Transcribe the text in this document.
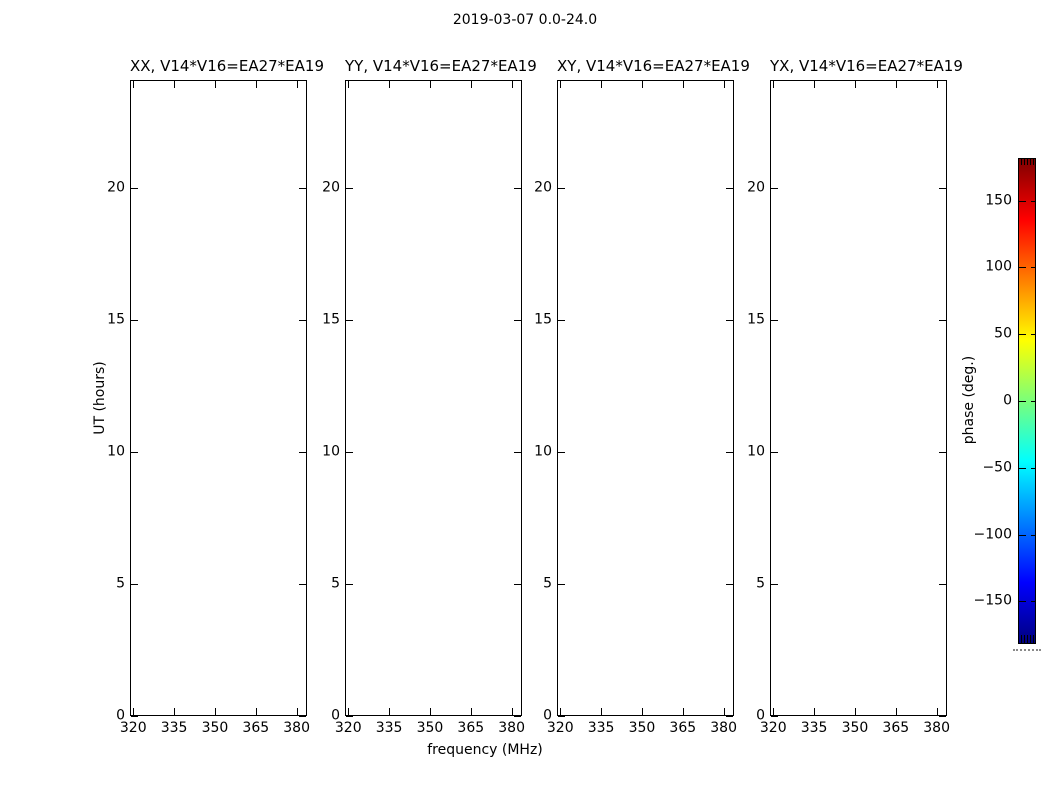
2019-03-07 0.0-24.0
XX, V14*V16=EA27*EA19
320 335 350 365 380
0
5
10
15
20
YY, V14*V16=EA27*EA19
320 335 350 365 380
0
5
10
15
20
XY, V14*V16=EA27*EA19
320 335 350 365 380
0
5
10
15
20
YX, V14*V16=EA27*EA19
320 335 350 365 380
0
5
10
15
20
frequency (MHz)
UT (hours)	phase (deg.)
150
100
50
0
−50
−100
−150
